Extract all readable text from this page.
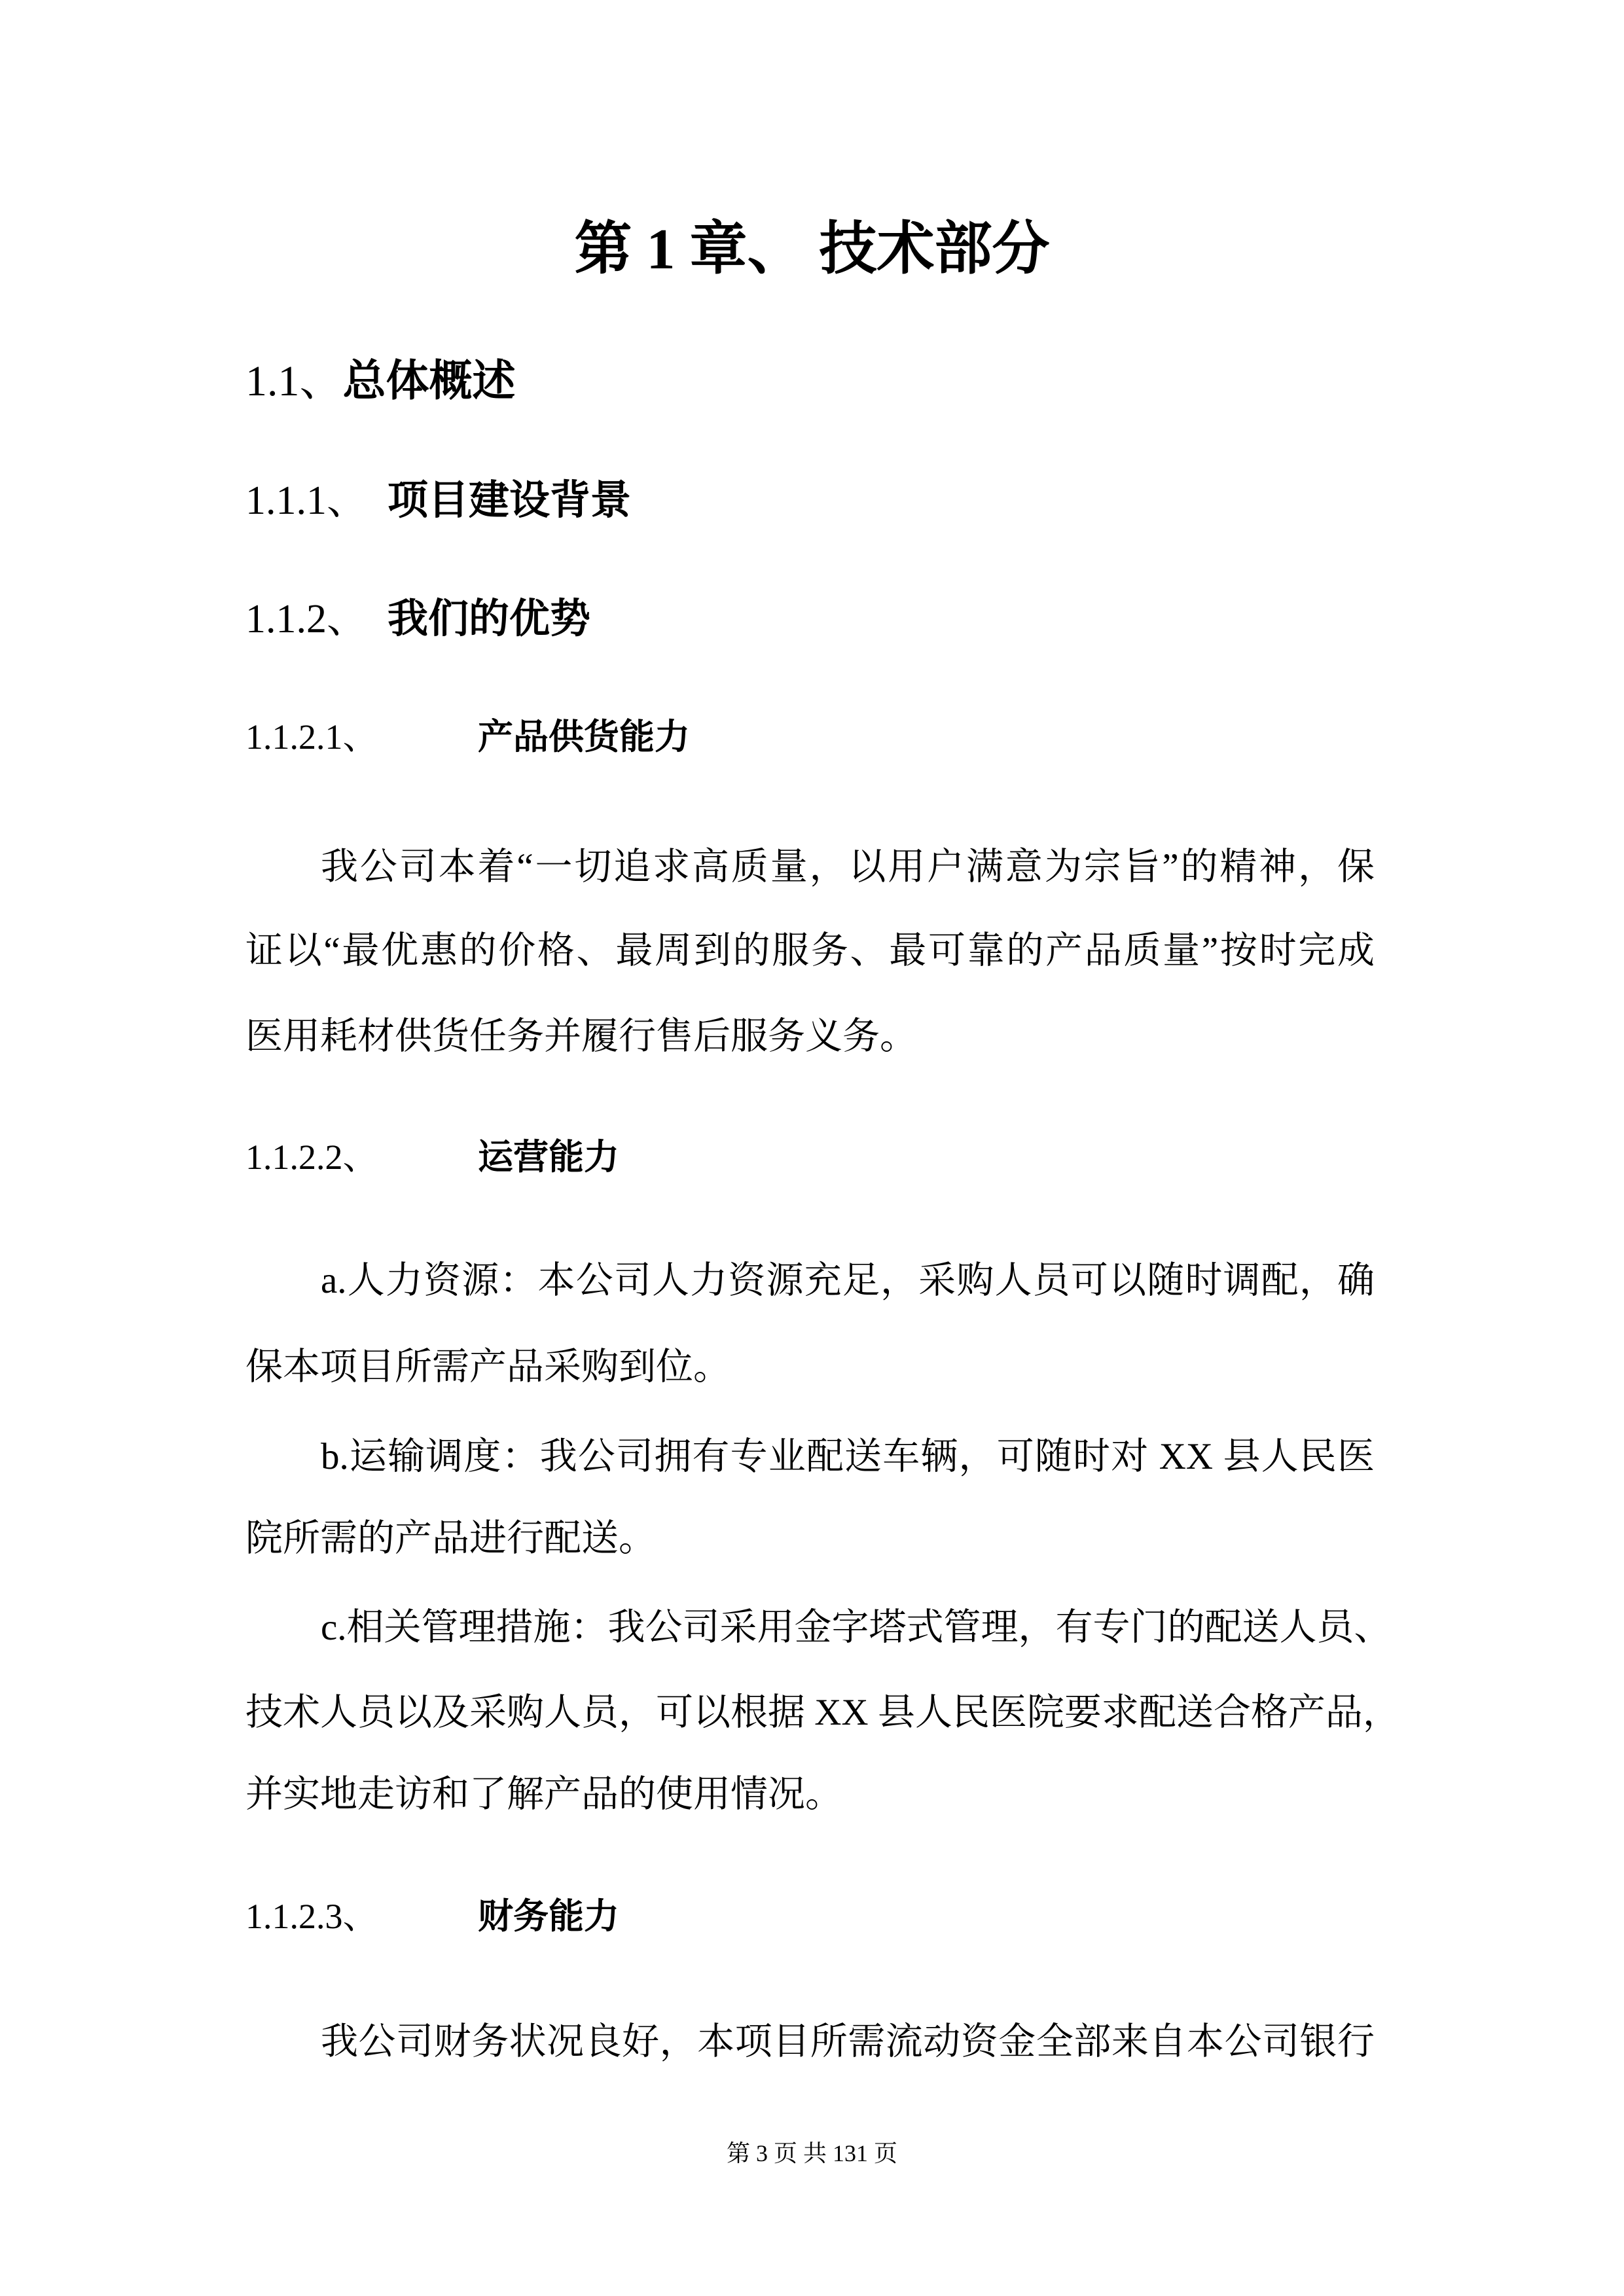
第 1 章、 技术部分
1.1、总体概述
1.1.1、  项目建设背景
1.1.2、  我们的优势
1.1.2.1、	产品供货能力
我公司本着“一切追求高质量，以用户满意为宗旨”的精神，保
证以“最优惠的价格、最周到的服务、最可靠的产品质量”按时完成
医用耗材供货任务并履行售后服务义务。
1.1.2.2、	运营能力
a.人力资源：本公司人力资源充足，采购人员可以随时调配，确
保本项目所需产品采购到位。
b.运输调度：我公司拥有专业配送车辆，可随时对 XX 县人民医
院所需的产品进行配送。
c.相关管理措施：我公司采用金字塔式管理，有专门的配送人员、
技术人员以及采购人员，可以根据 XX 县人民医院要求配送合格产品，
并实地走访和了解产品的使用情况。
1.1.2.3、	财务能力
我公司财务状况良好，本项目所需流动资金全部来自本公司银行
第 3 页 共 131 页
